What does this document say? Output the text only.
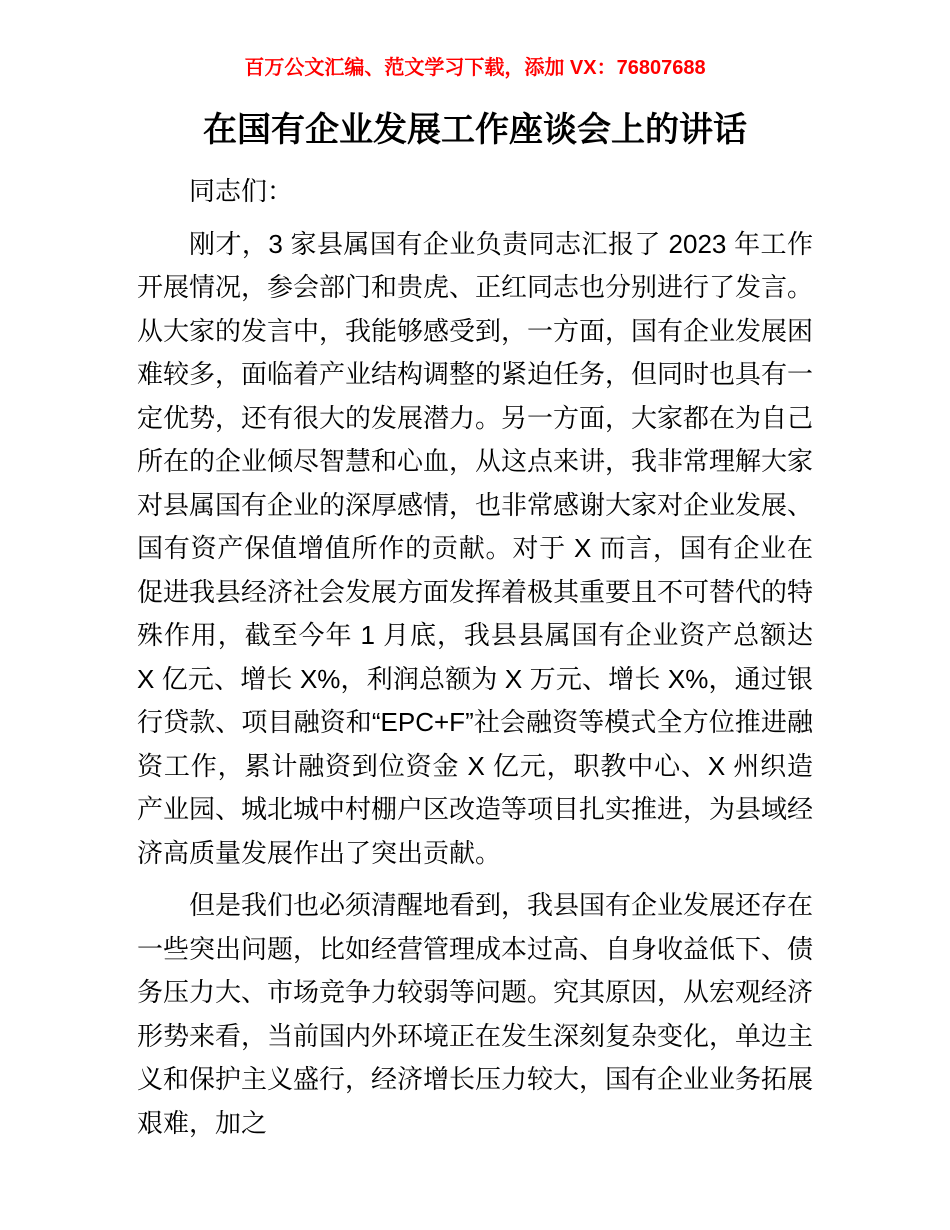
百万公文汇编、范文学习下载，添加 VX：76807688
在国有企业发展工作座谈会上的讲话

同志们：

刚才，3 家县属国有企业负责同志汇报了 2023 年工作开展情况，参会部门和贵虎、正红同志也分别进行了发言。从大家的发言中，我能够感受到，一方面，国有企业发展困难较多，面临着产业结构调整的紧迫任务，但同时也具有一定优势，还有很大的发展潜力。另一方面，大家都在为自己所在的企业倾尽智慧和心血，从这点来讲，我非常理解大家对县属国有企业的深厚感情，也非常感谢大家对企业发展、国有资产保值增值所作的贡献。对于 X 而言，国有企业在促进我县经济社会发展方面发挥着极其重要且不可替代的特殊作用，截至今年 1 月底，我县县属国有企业资产总额达 X 亿元、增长 X%，利润总额为 X 万元、增长 X%，通过银行贷款、项目融资和“EPC+F”社会融资等模式全方位推进融资工作，累计融资到位资金 X 亿元，职教中心、X 州织造产业园、城北城中村棚户区改造等项目扎实推进，为县域经济高质量发展作出了突出贡献。

但是我们也必须清醒地看到，我县国有企业发展还存在一些突出问题，比如经营管理成本过高、自身收益低下、债务压力大、市场竞争力较弱等问题。究其原因，从宏观经济形势来看，当前国内外环境正在发生深刻复杂变化，单边主义和保护主义盛行，经济增长压力较大，国有企业业务拓展艰难，加之
